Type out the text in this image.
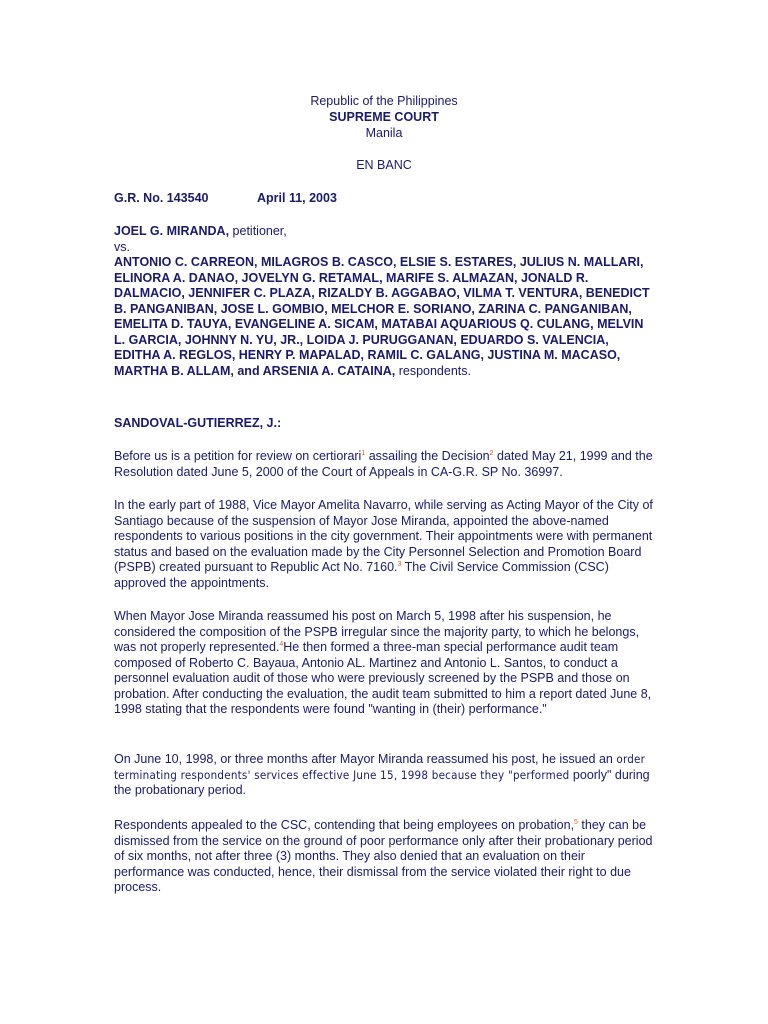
Republic of the Philippines
SUPREME COURT
Manila
EN BANC
G.R. No. 143540	April 11, 2003

JOEL G. MIRANDA, petitioner,

vs.

ANTONIO C. CARREON, MILAGROS B. CASCO, ELSIE S. ESTARES, JULIUS N. MALLARI, ELINORA A. DANAO, JOVELYN G. RETAMAL, MARIFE S. ALMAZAN, JONALD R. DALMACIO, JENNIFER C. PLAZA, RIZALDY B. AGGABAO, VILMA T. VENTURA, BENEDICT B. PANGANIBAN, JOSE L. GOMBIO, MELCHOR E. SORIANO, ZARINA C. PANGANIBAN, EMELITA D. TAUYA, EVANGELINE A. SICAM, MATABAI AQUARIOUS Q. CULANG, MELVIN L. GARCIA, JOHNNY N. YU, JR., LOIDA J. PURUGGANAN, EDUARDO S. VALENCIA, EDITHA A. REGLOS, HENRY P. MAPALAD, RAMIL C. GALANG, JUSTINA M. MACASO, MARTHA B. ALLAM, and ARSENIA A. CATAINA, respondents.

SANDOVAL-GUTIERREZ, J.:

Before us is a petition for review on certiorari$^1$ assailing the Decision$^2$ dated May 21, 1999 and the Resolution dated June 5, 2000 of the Court of Appeals in CA-G.R. SP No. 36997.

In the early part of 1988, Vice Mayor Amelita Navarro, while serving as Acting Mayor of the City of Santiago because of the suspension of Mayor Jose Miranda, appointed the above-named respondents to various positions in the city government. Their appointments were with permanent status and based on the evaluation made by the City Personnel Selection and Promotion Board (PSPB) created pursuant to Republic Act No. 7160.$^3$ The Civil Service Commission (CSC) approved the appointments.

When Mayor Jose Miranda reassumed his post on March 5, 1998 after his suspension, he considered the composition of the PSPB irregular since the majority party, to which he belongs, was not properly represented.$^4$He then formed a three-man special performance audit team composed of Roberto C. Bayaua, Antonio AL. Martinez and Antonio L. Santos, to conduct a personnel evaluation audit of those who were previously screened by the PSPB and those on probation. After conducting the evaluation, the audit team submitted to him a report dated June 8, 1998 stating that the respondents were found "wanting in (their) performance."

On June 10, 1998, or three months after Mayor Miranda reassumed his post, he issued an order terminating respondents' services effective June 15, 1998 because they "performed poorly" during the probationary period.

Respondents appealed to the CSC, contending that being employees on probation,$^5$ they can be dismissed from the service on the ground of poor performance only after their probationary period of six months, not after three (3) months. They also denied that an evaluation on their performance was conducted, hence, their dismissal from the service violated their right to due process.
